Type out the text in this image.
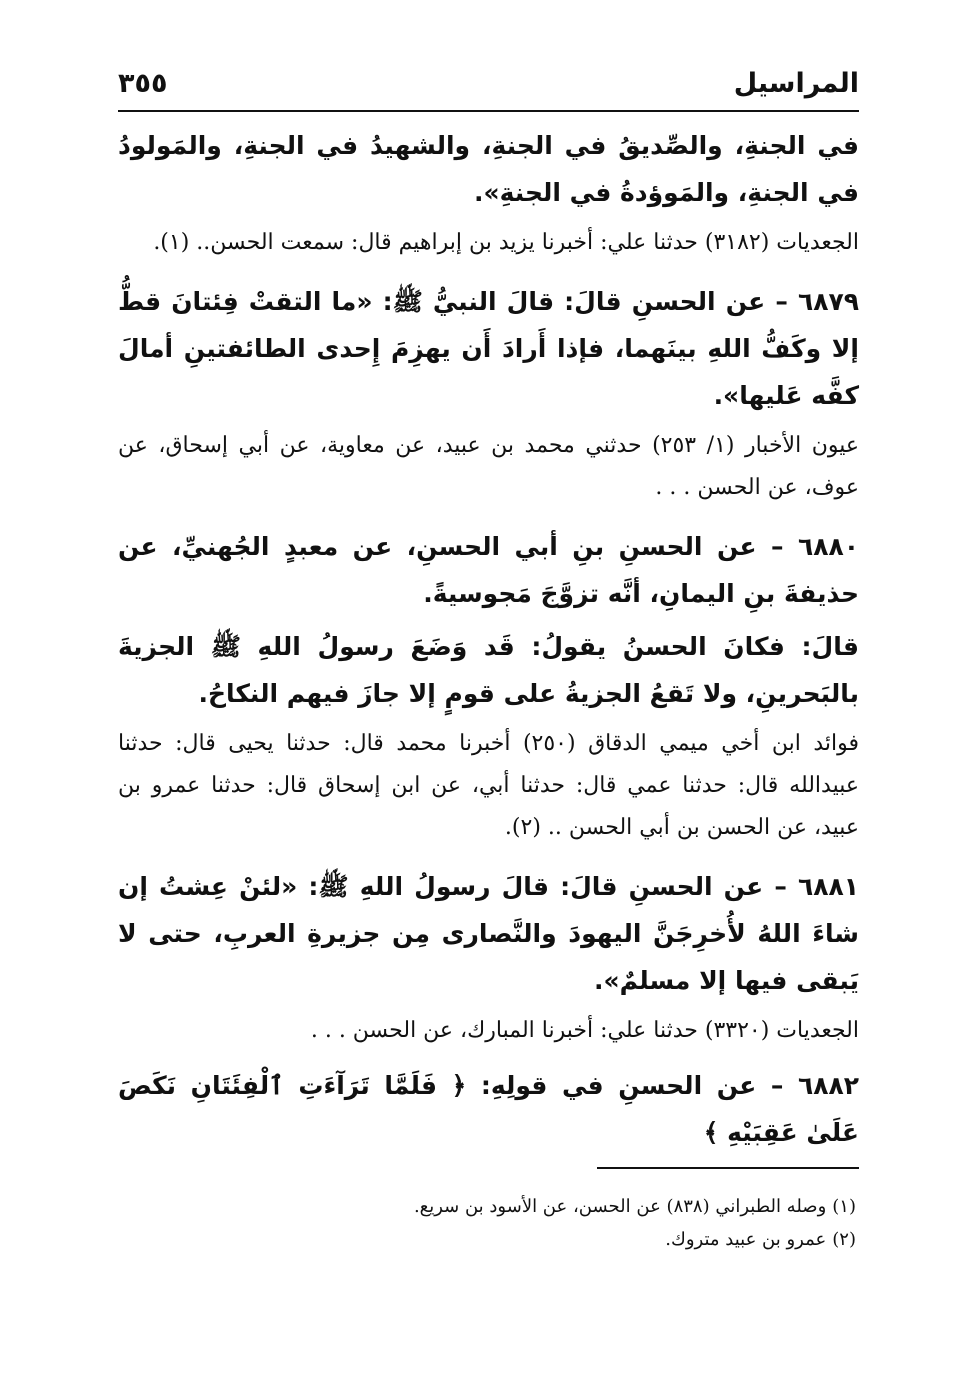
المراسيل
٣٥٥

في الجنةِ، والصِّديقُ في الجنةِ، والشهيدُ في الجنةِ، والمَولودُ في الجنةِ، والمَوؤدةُ في الجنةِ».

الجعديات (٣١٨٢) حدثنا علي: أخبرنا يزيد بن إبراهيم قال: سمعت الحسن.. (١).

٦٨٧٩ – عن الحسنِ قالَ: قالَ النبيُّ ﷺ: «ما التقتْ فِئتانَ قطُّ إلا وكَفُّ اللهِ بينَهما، فإذا أَرادَ أَن يهزِمَ إِحدى الطائفتينِ أمالَ كفَّه عَليها».

عيون الأخبار (١/ ٢٥٣) حدثني محمد بن عبيد، عن معاوية، عن أبي إسحاق، عن عوف، عن الحسن . . .

٦٨٨٠ – عن الحسنِ بنِ أبي الحسنِ، عن معبدٍ الجُهنيِّ، عن حذيفةَ بنِ اليمانِ، أنَّه تزوَّجَ مَجوسيةً.

قالَ: فكانَ الحسنُ يقولُ: قَد وَضَعَ رسولُ اللهِ ﷺ الجزيةَ بالبَحرينِ، ولا تَقعُ الجزيةُ على قومٍ إلا جازَ فيهم النكاحُ.

فوائد ابن أخي ميمي الدقاق (٢٥٠) أخبرنا محمد قال: حدثنا يحيى قال: حدثنا عبيدالله قال: حدثنا عمي قال: حدثنا أبي، عن ابن إسحاق قال: حدثنا عمرو بن عبيد، عن الحسن بن أبي الحسن .. (٢).

٦٨٨١ – عن الحسنِ قالَ: قالَ رسولُ اللهِ ﷺ: «لئنْ عِشتُ إن شاءَ اللهُ لأُخرِجَنَّ اليهودَ والنَّصارى مِن جزيرةِ العربِ، حتى لا يَبقى فيها إلا مسلمٌ».

الجعديات (٣٣٢٠) حدثنا علي: أخبرنا المبارك، عن الحسن . . .

٦٨٨٢ – عن الحسنِ في قولِهِ: ﴿ فَلَمَّا تَرَآءَتِ ٱلْفِئَتَانِ نَكَصَ عَلَىٰ عَقِبَيْهِ ﴾

(١)وصله الطبراني (٨٣٨) عن الحسن، عن الأسود بن سريع.

(٢)عمرو بن عبيد متروك.
